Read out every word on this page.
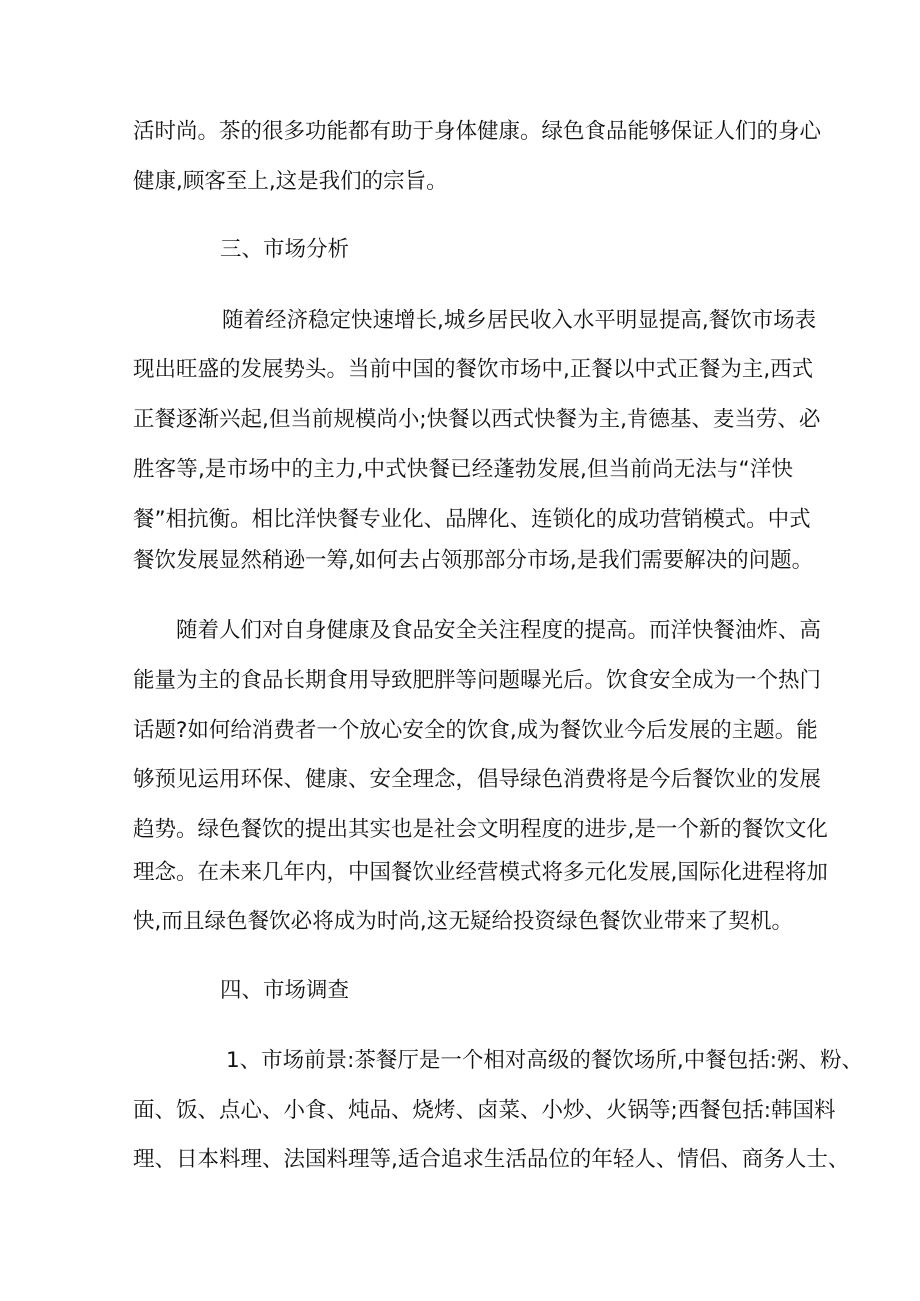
活时尚。茶的很多功能都有助于身体健康。绿色食品能够保证人们的身心
健康,顾客至上,这是我们的宗旨。
三、市场分析
随着经济稳定快速增长,城乡居民收入水平明显提高,餐饮市场表
现出旺盛的发展势头。当前中国的餐饮市场中,正餐以中式正餐为主,西式
正餐逐渐兴起,但当前规模尚小;快餐以西式快餐为主,肯德基、麦当劳、必
胜客等,是市场中的主力,中式快餐已经蓬勃发展,但当前尚无法与“洋快
餐”相抗衡。相比洋快餐专业化、品牌化、连锁化的成功营销模式。中式
餐饮发展显然稍逊一筹,如何去占领那部分市场,是我们需要解决的问题。
随着人们对自身健康及食品安全关注程度的提高。而洋快餐油炸、高
能量为主的食品长期食用导致肥胖等问题曝光后。饮食安全成为一个热门
话题?如何给消费者一个放心安全的饮食,成为餐饮业今后发展的主题。能
够预见运用环保、健康、安全理念，倡导绿色消费将是今后餐饮业的发展
趋势。绿色餐饮的提出其实也是社会文明程度的进步,是一个新的餐饮文化
理念。在未来几年内，中国餐饮业经营模式将多元化发展,国际化进程将加
快,而且绿色餐饮必将成为时尚,这无疑给投资绿色餐饮业带来了契机。
四、市场调查
1、市场前景:茶餐厅是一个相对高级的餐饮场所,中餐包括:粥、粉、
面、饭、点心、小食、炖品、烧烤、卤菜、小炒、火锅等;西餐包括:韩国料
理、日本料理、法国料理等,适合追求生活品位的年轻人、情侣、商务人士、
